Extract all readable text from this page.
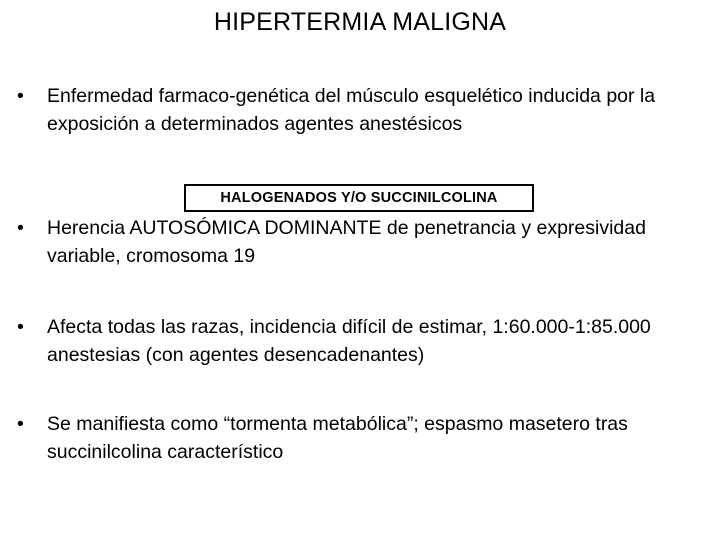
HIPERTERMIA MALIGNA
•	Enfermedad farmaco-genética del músculo esquelético inducida por la exposición a determinados agentes anestésicos
HALOGENADOS Y/O SUCCINILCOLINA
•	Herencia AUTOSÓMICA DOMINANTE de penetrancia y expresividad variable, cromosoma 19
•	Afecta todas las razas, incidencia difícil de estimar, 1:60.000-1:85.000 anestesias (con agentes desencadenantes)
•	Se manifiesta como “tormenta metabólica”; espasmo masetero tras succinilcolina característico
